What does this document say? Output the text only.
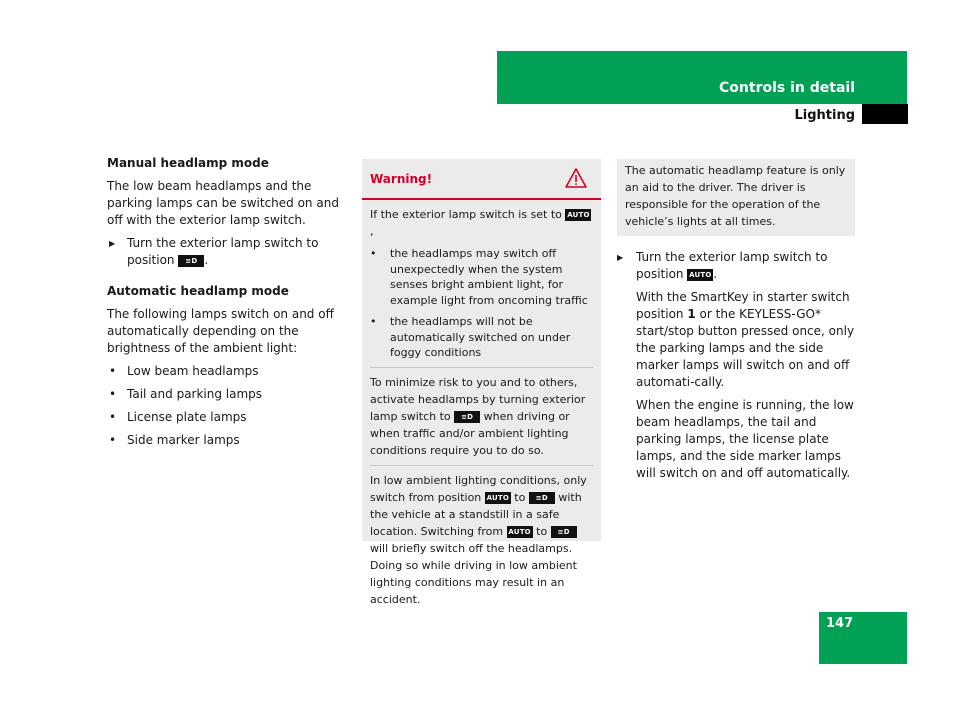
Controls in detail
Lighting
Manual headlamp mode

The low beam headlamps and the parking lamps can be switched on and off with the exterior lamp switch.

▶ Turn the exterior lamp switch to position ≡D .
Automatic headlamp mode

The following lamps switch on and off automatically depending on the brightness of the ambient light:

• Low beam headlamps
• Tail and parking lamps
• License plate lamps
• Side marker lamps
Warning!

If the exterior lamp switch is set to AUTO,

• the headlamps may switch off unexpectedly when the system senses bright ambient light, for example light from oncoming traffic
• the headlamps will not be automatically switched on under foggy conditions

To minimize risk to you and to others, activate headlamps by turning exterior lamp switch to ≡D when driving or when traffic and/or ambient lighting conditions require you to do so.

In low ambient lighting conditions, only switch from position AUTO to ≡D with the vehicle at a standstill in a safe location. Switching from AUTO to ≡D will briefly switch off the headlamps. Doing so while driving in low ambient lighting conditions may result in an accident.

The automatic headlamp feature is only an aid to the driver. The driver is responsible for the operation of the vehicle’s lights at all times.

▶ Turn the exterior lamp switch to position AUTO .

With the SmartKey in starter switch position 1 or the KEYLESS-GO* start/stop button pressed once, only the parking lamps and the side marker lamps will switch on and off automati-cally.

When the engine is running, the low beam headlamps, the tail and parking lamps, the license plate lamps, and the side marker lamps will switch on and off automatically.

147
